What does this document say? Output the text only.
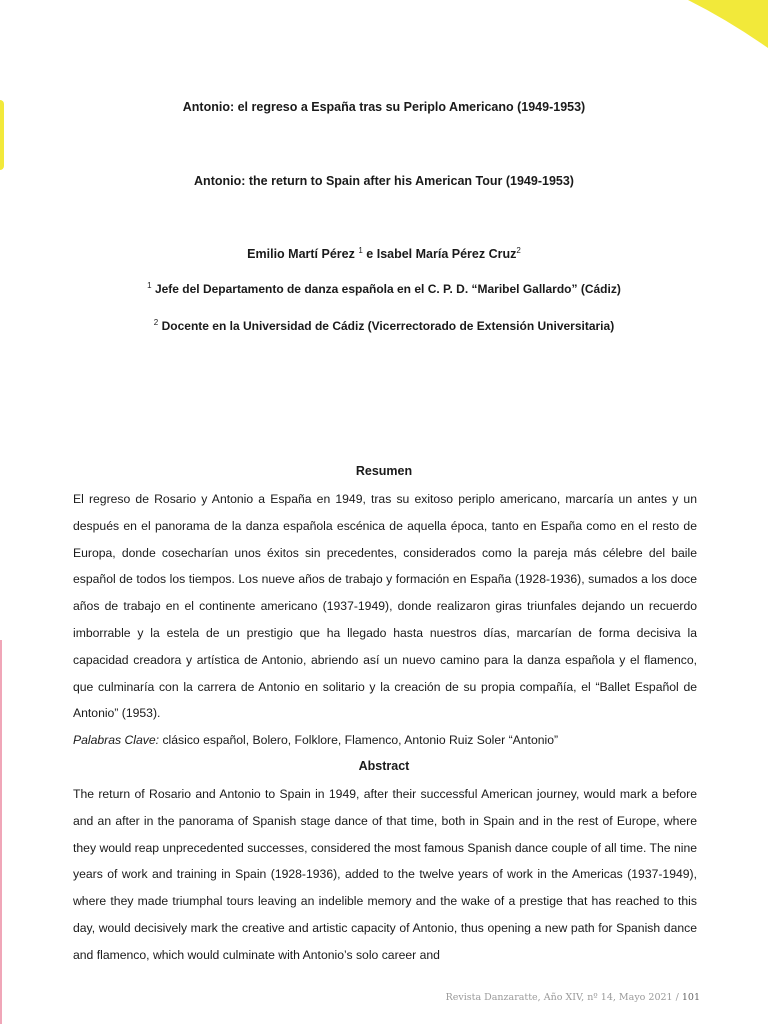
Antonio: el regreso a España tras su Periplo Americano (1949-1953)
Antonio: the return to Spain after his American Tour (1949-1953)
Emilio Martí Pérez $^1$ e Isabel María Pérez Cruz$^2$
$^1$ Jefe del Departamento de danza española en el C. P. D. “Maribel Gallardo” (Cádiz)
$^2$ Docente en la Universidad de Cádiz (Vicerrectorado de Extensión Universitaria)
Resumen
El regreso de Rosario y Antonio a España en 1949, tras su exitoso periplo americano, marcaría un antes y un después en el panorama de la danza española escénica de aquella época, tanto en España como en el resto de Europa, donde cosecharían unos éxitos sin precedentes, considerados como la pareja más célebre del baile español de todos los tiempos. Los nueve años de trabajo y formación en España (1928-1936), sumados a los doce años de trabajo en el continente americano (1937-1949), donde realizaron giras triunfales dejando un recuerdo imborrable y la estela de un prestigio que ha llegado hasta nuestros días, marcarían de forma decisiva la capacidad creadora y artística de Antonio, abriendo así un nuevo camino para la danza española y el flamenco, que culminaría con la carrera de Antonio en solitario y la creación de su propia compañía, el “Ballet Español de Antonio” (1953).
Palabras Clave: clásico español, Bolero, Folklore, Flamenco, Antonio Ruiz Soler “Antonio”
Abstract
The return of Rosario and Antonio to Spain in 1949, after their successful American journey, would mark a before and an after in the panorama of Spanish stage dance of that time, both in Spain and in the rest of Europe, where they would reap unprecedented successes, considered the most famous Spanish dance couple of all time. The nine years of work and training in Spain (1928-1936), added to the twelve years of work in the Americas (1937-1949), where they made triumphal tours leaving an indelible memory and the wake of a prestige that has reached to this day, would decisively mark the creative and artistic capacity of Antonio, thus opening a new path for Spanish dance and flamenco, which would culminate with Antonio’s solo career and
Revista Danzaratte, Año XIV, nº 14, Mayo 2021 / 101
